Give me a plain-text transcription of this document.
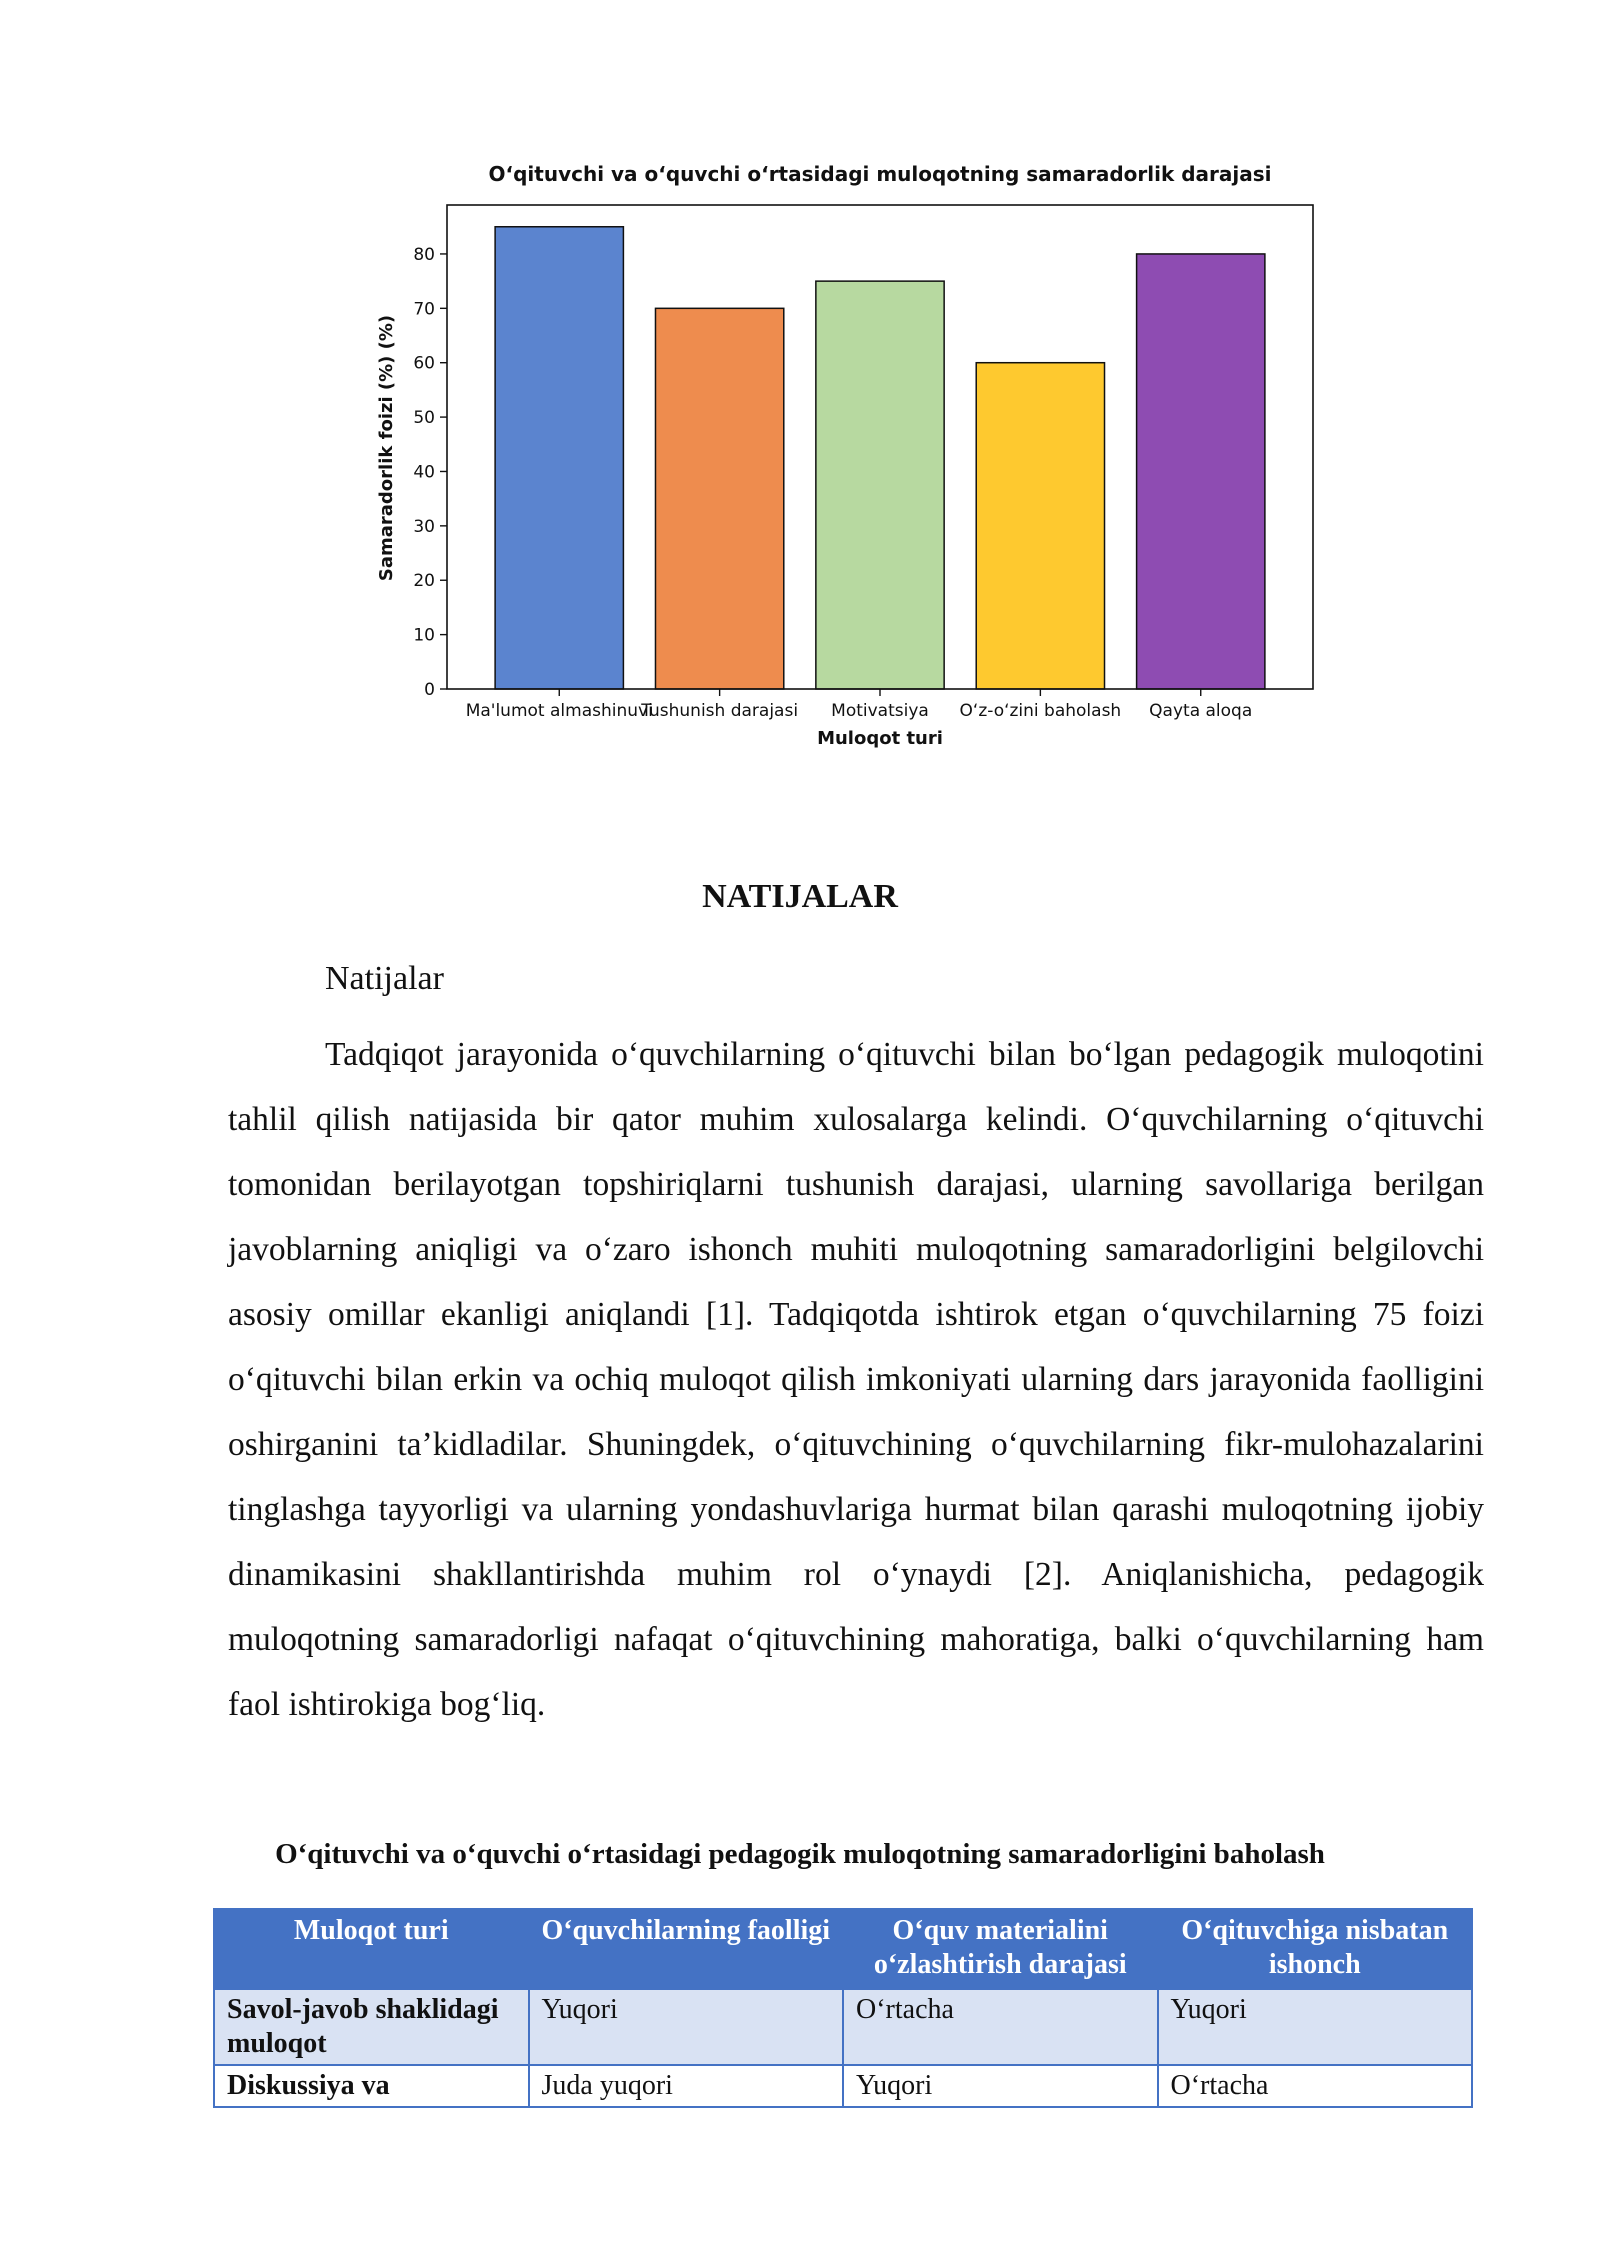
O‘qituvchi va o‘quvchi o‘rtasidagi muloqotning samaradorlik darajasi
Samaradorlik foizi (%) (%)
Muloqot turi
0
10
20
30
40
50
60
70
80
Ma'lumot almashinuvi
Tushunish darajasi Motivatsiya O‘z-o‘zini baholash Qayta aloqa
NATIJALAR

Natijalar

Tadqiqot jarayonida o‘quvchilarning o‘qituvchi bilan bo‘lgan pedagogik muloqotini tahlil qilish natijasida bir qator muhim xulosalarga kelindi. O‘quvchilarning o‘qituvchi tomonidan berilayotgan topshiriqlarni tushunish darajasi, ularning savollariga berilgan javoblarning aniqligi va o‘zaro ishonch muhiti muloqotning samaradorligini belgilovchi asosiy omillar ekanligi aniqlandi [1]. Tadqiqotda ishtirok etgan o‘quvchilarning 75 foizi o‘qituvchi bilan erkin va ochiq muloqot qilish imkoniyati ularning dars jarayonida faolligini oshirganini ta’kidladilar. Shuningdek, o‘qituvchining o‘quvchilarning fikr-mulohazalarini tinglashga tayyorligi va ularning yondashuvlariga hurmat bilan qarashi muloqotning ijobiy dinamikasini shakllantirishda muhim rol o‘ynaydi [2]. Aniqlanishicha, pedagogik muloqotning samaradorligi nafaqat o‘qituvchining mahoratiga, balki o‘quvchilarning ham faol ishtirokiga bog‘liq.

O‘qituvchi va o‘quvchi o‘rtasidagi pedagogik muloqotning samaradorligini baholash

Muloqot turi	O‘quvchilarning faolligi	O‘quv materialini o‘zlashtirish darajasi	O‘qituvchiga nisbatan ishonch
Savol-javob shaklidagi muloqot	Yuqori	O‘rtacha	Yuqori
Diskussiya va	Juda yuqori	Yuqori	O‘rtacha
